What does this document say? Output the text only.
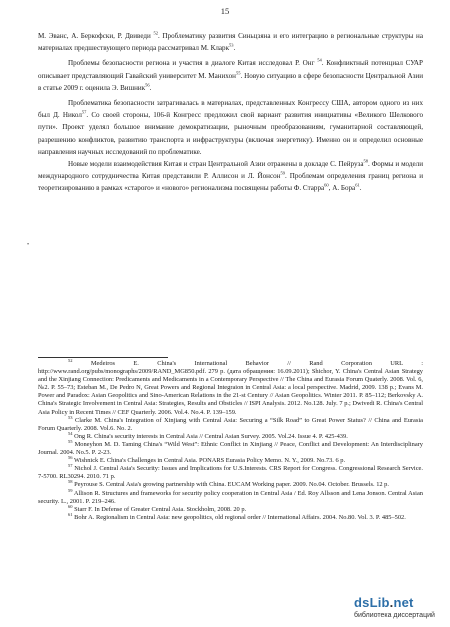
15

М. Эванс, А. Беркофски, Р. Двиведи $^{52}$. Проблематику развития Синьцзяна и его интеграцию в региональные структуры на материалах предшествующего периода рассматривал М. Кларк$^{53}$.

Проблемы безопасности региона и участия в диалоге Китая исследовал Р. Онг $^{54}$. Конфликтный потенциал СУАР описывает представляющий Гавайский университет М. Манихон$^{55}$. Новую ситуацию в сфере безопасности Центральной Азии в статье 2009 г. оценила Э. Вишник$^{56}$.

Проблематика безопасности затрагивалась в материалах, представленных Конгрессу США, автором одного из них был Д. Никол$^{57}$. Со своей стороны, 106-й Конгресс предложил свой вариант развития инициативы «Великого Шелкового пути». Проект уделял большое внимание демократизации, рыночным преобразованиям, гуманитарной составляющей, разрешению конфликтов, развитию транспорта и инфраструктуры (включая энергетику). Именно он и определил основные направления научных исследований по проблематике.

Новые модели взаимодействия Китая и стран Центральной Азии отражены в докладе С. Пейруза$^{58}$. Формы и модели международного сотрудничества Китая представили Р. Аллисон и Л. Йонсон$^{59}$. Проблемам определения границ региона и теоретизированию в рамках «старого» и «нового» регионализма посвящены работы Ф. Старра$^{60}$, А. Бора$^{61}$.

•

$^{52}$	Medeiros E. China's International Behavior // Rand Corporation URL : http://www.rand.org/pubs/monographs/2009/RAND_MG850.pdf. 279 p. (дата обращения: 16.09.2011); Shichor, Y. China's Central Asian Strategy and the Xinjiang Connection: Predicaments and Medicaments in a Contemporary Perspective // The China and Eurasia Forum Quaterly. 2008. Vol. 6, №2. P. 55–73; Esteban M., De Pedro N, Great Powers and Regional Integraion in Central Asia: a local perspective. Madrid, 2009. 138 p.; Evans M. Power and Paradox: Asian Geopolitics and Sino-American Relations in the 21-st Century // Asian Geopolitics. Winter 2011. P. 85–112; Berkovsky A. China's Strategic Involvement in Central Asia: Strategies, Results and Obsticles // ISPI Analysis. 2012. No.128. July. 7 p.; Dwivedi R. China's Central Asia Policy in Recent Times // CEF Quarterly. 2006. Vol.4. No.4. P. 139–159.

$^{53}$ Clarke M. China's Integration of Xinjiang with Central Asia: Securing a “Silk Road” to Great Power Status? // China and Eurasia Forum Quarterly. 2008. Vol.6. No. 2.

$^{54}$ Ong R. China's security interests in Central Asia // Central Asian Survey. 2005. Vol.24. Issue 4. P. 425-439.

$^{55}$ Moneyhon M. D. Taming China's “Wild West”: Ethnic Conflict in Xinjiang // Peace, Conflict and Development: An Interdisciplinary Journal. 2004. No.5. P. 2-23.

$^{56}$ Wishnick E. China's Challenges in Central Asia. PONARS Eurasia Policy Memo. N. Y., 2009. No.73. 6 p.

$^{57}$ Nichol J. Central Asia's Security: Issues and Implications for U.S.Interests. CRS Report for Congress. Congressional Research Service. 7-5700. RL30294. 2010. 71 p.

$^{58}$ Peyrouse S. Central Asia's growing partnership with China. EUCAM Working paper. 2009. No.04. October. Brussels. 12 p.

$^{59}$ Allison R. Structures and frameworks for security policy cooperation in Central Asia / Ed. Roy Allsson and Lena Jonson. Central Asian security. L., 2001. P. 219–246.

$^{60}$ Starr F. In Defense of Greater Central Asia. Stockholm, 2008. 20 p.

$^{61}$ Bohr A. Regionalism in Central Asia: new geopolitics, old regional order // International Affairs. 2004. No.80. Vol. 3. P. 485–502.

dsLib.net
библиотека диссертаций
